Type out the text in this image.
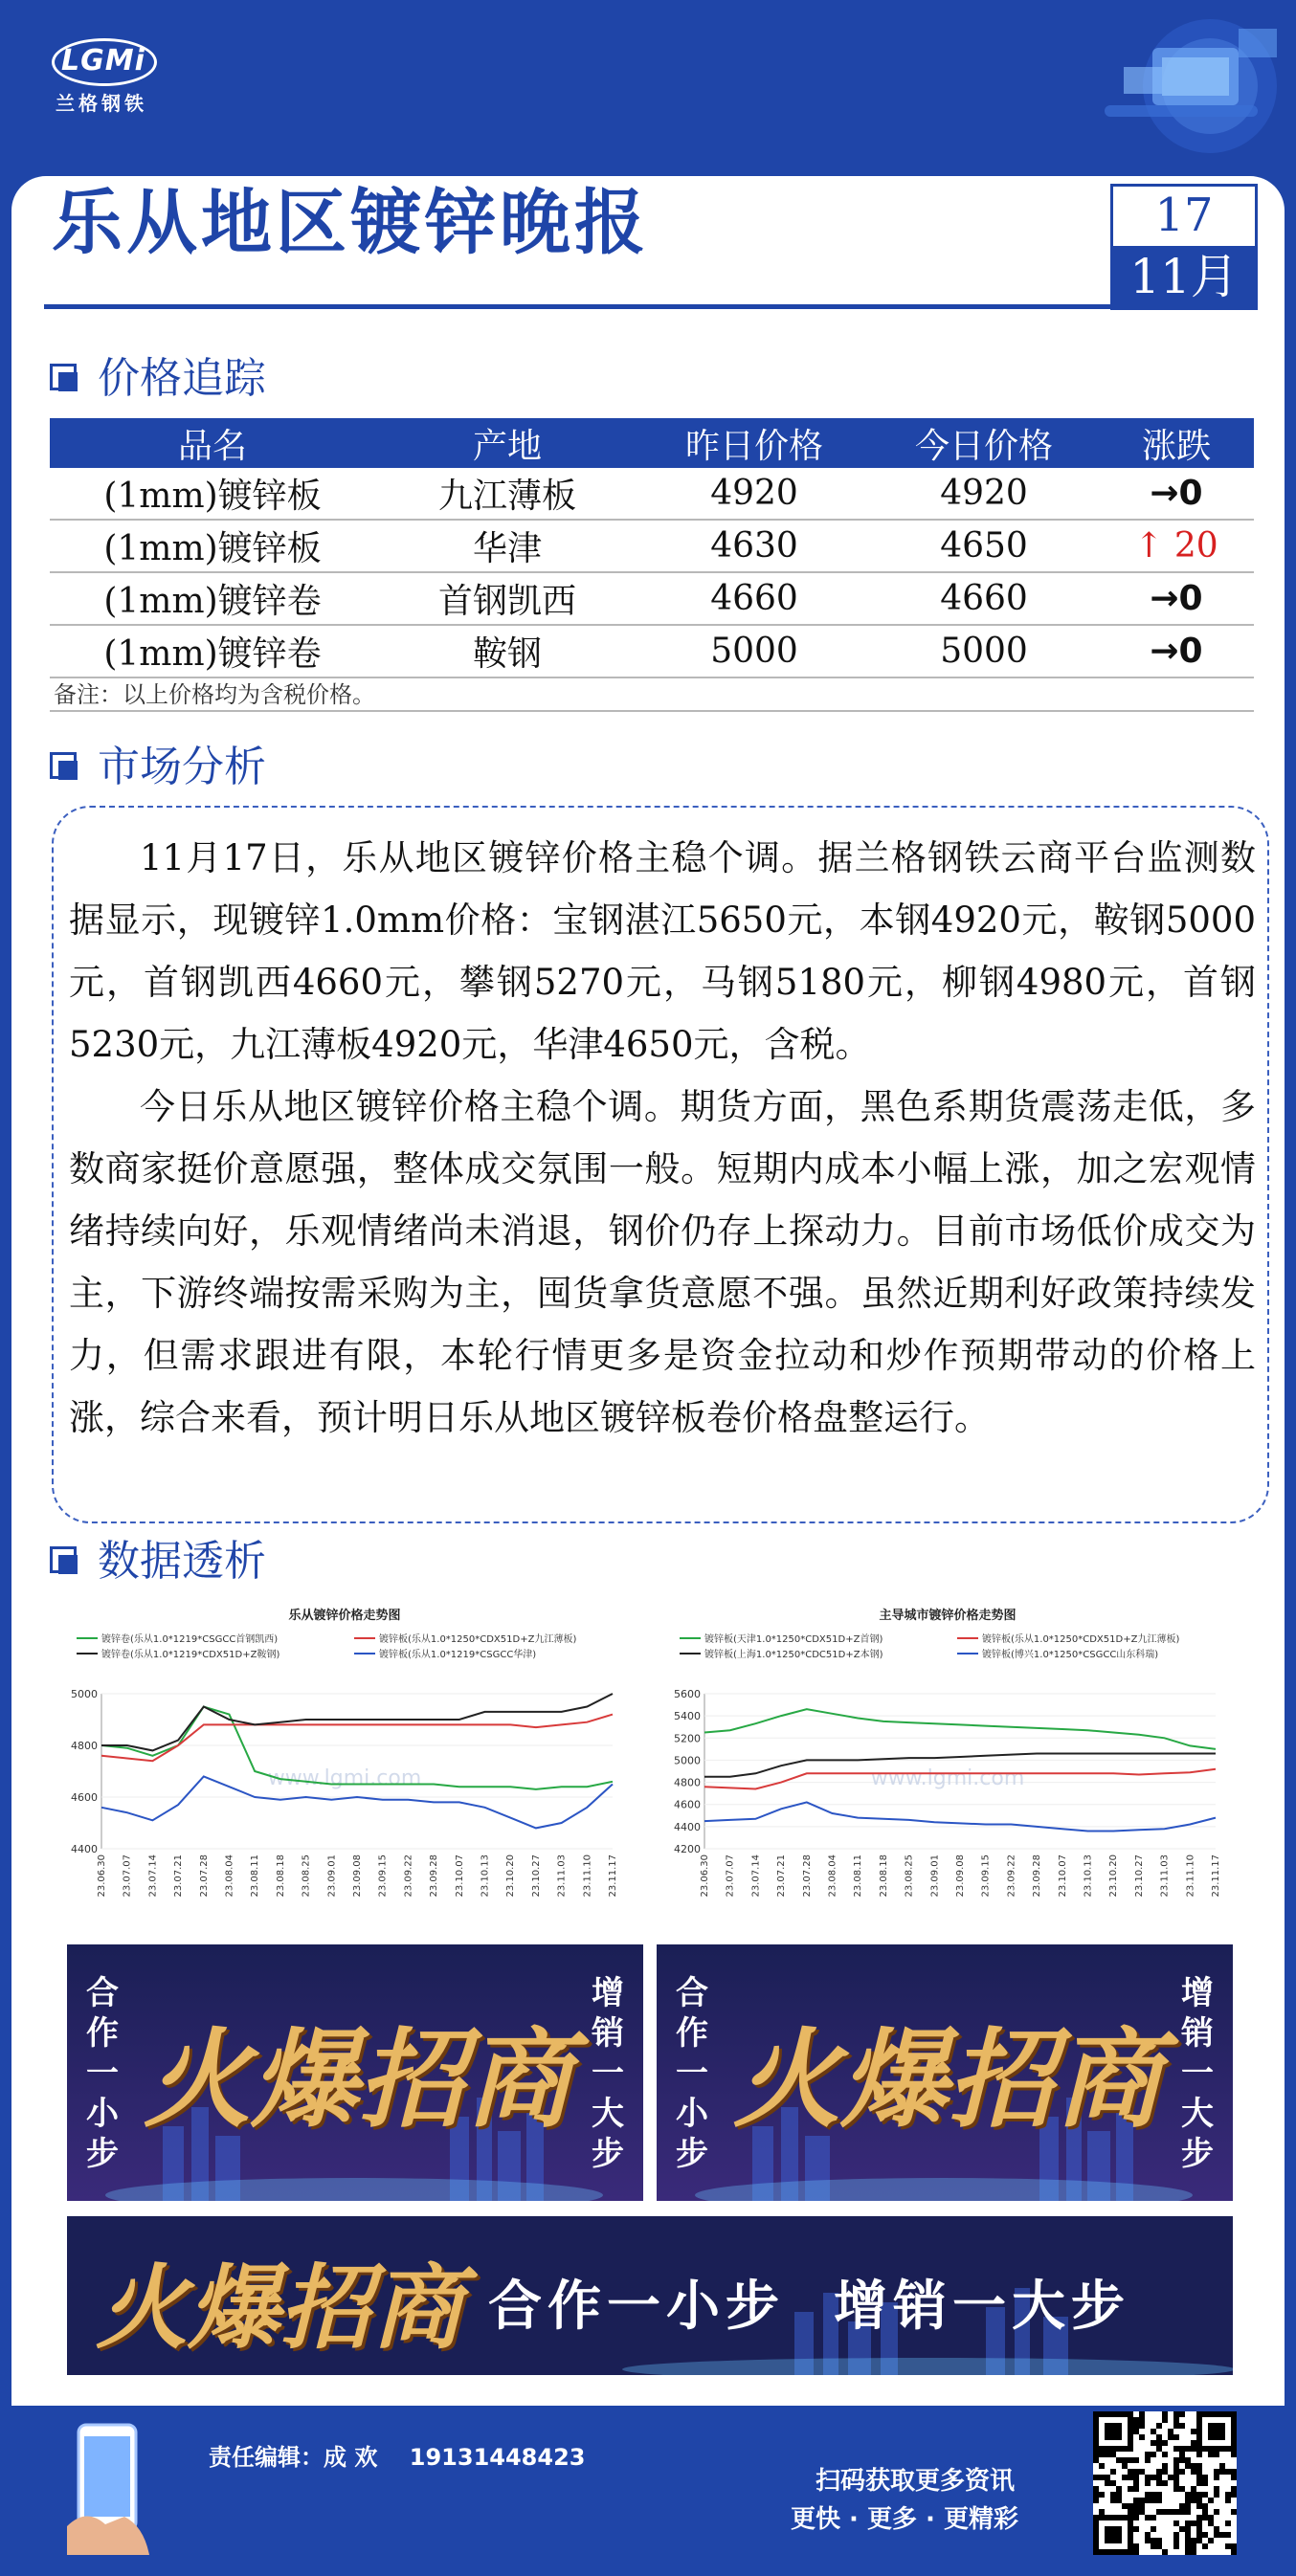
LGMi
兰格钢铁
乐从地区镀锌晚报	17
11月
价格追踪
品名	产地	昨日价格	今日价格	涨跌
(1mm)镀锌板	九江薄板	4920	4920	→0
(1mm)镀锌板	华津	4630	4650	↑ 20
(1mm)镀锌卷	首钢凯西	4660	4660	→0
(1mm)镀锌卷	鞍钢	5000	5000	→0
备注：以上价格均为含税价格。
市场分析

11月17日，乐从地区镀锌价格主稳个调。据兰格钢铁云商平台监测数据显示，现镀锌1.0mm价格：宝钢湛江5650元，本钢4920元，鞍钢5000元，首钢凯西4660元，攀钢5270元，马钢5180元，柳钢4980元，首钢5230元，九江薄板4920元，华津4650元，含税。

今日乐从地区镀锌价格主稳个调。期货方面，黑色系期货震荡走低，多数商家挺价意愿强，整体成交氛围一般。短期内成本小幅上涨，加之宏观情绪持续向好，乐观情绪尚未消退，钢价仍存上探动力。目前市场低价成交为主，下游终端按需采购为主，囤货拿货意愿不强。虽然近期利好政策持续发力，但需求跟进有限，本轮行情更多是资金拉动和炒作预期带动的价格上涨，综合来看，预计明日乐从地区镀锌板卷价格盘整运行。

数据透析
乐从镀锌价格走势图
镀锌卷(乐从1.0*1219*CSGCC首钢凯西)	镀锌板(乐从1.0*1250*CDX51D+Z九江薄板)
镀锌卷(乐从1.0*1219*CDX51D+Z鞍钢)	镀锌板(乐从1.0*1219*CSGCC华津)
5000
4800
4600
4400
23.06.30 23.07.07 23.07.14 23.07.21 23.07.28 23.08.04 23.08.11 23.08.18 23.08.25 23.09.01 23.09.08 23.09.15 23.09.22 23.09.28 23.10.07 23.10.13 23.10.20 23.10.27 23.11.03 23.11.10 23.11.17
www.lgmi.com
主导城市镀锌价格走势图
镀锌板(天津1.0*1250*CDX51D+Z首钢)	镀锌板(乐从1.0*1250*CDX51D+Z九江薄板)
镀锌板(上海1.0*1250*CDC51D+Z本钢)	镀锌板(博兴1.0*1250*CSGCC山东科瑞)
5600
5400
5200
5000
4800
4600
4400
4200
23.06.30 23.07.07 23.07.14 23.07.21 23.07.28 23.08.04 23.08.11 23.08.18 23.08.25 23.09.01 23.09.08 23.09.15 23.09.22 23.09.28 23.10.07 23.10.13 23.10.20 23.10.27 23.11.03 23.11.10 23.11.17
www.lgmi.com
合
作
一
小
步
增
销
一
大
步
火爆招商
合
作
一
小
步
增
销
一
大
步
火爆招商
火爆招商 合作一小步  增销一大步
责任编辑：成 欢 19131448423
扫码获取更多资讯
更快 · 更多 · 更精彩
